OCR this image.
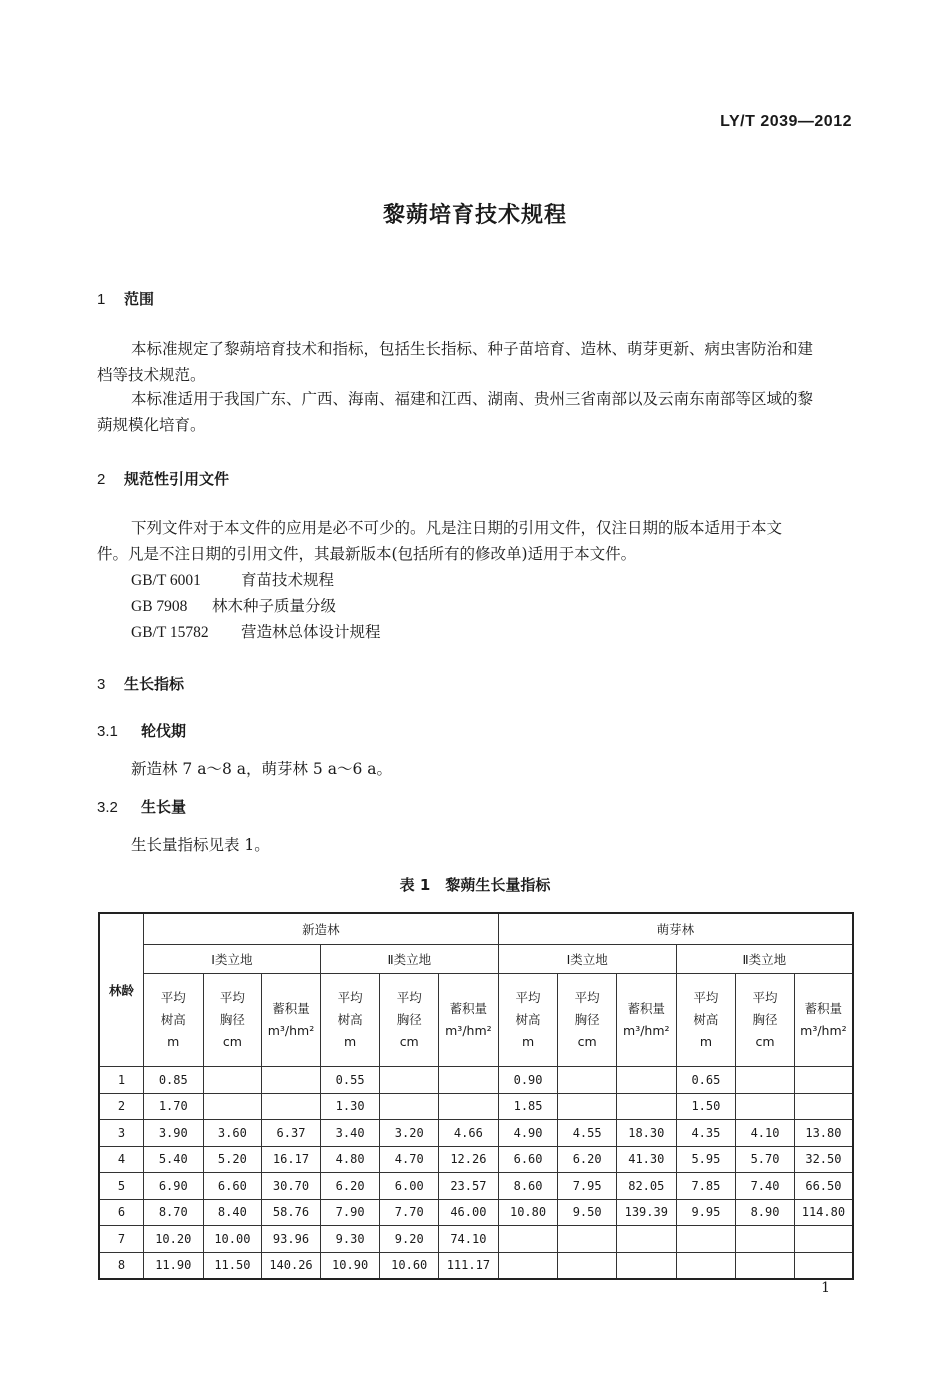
LY/T 2039—2012
黎蒴培育技术规程
1 范围
本标准规定了黎蒴培育技术和指标，包括生长指标、种子苗培育、造林、萌芽更新、病虫害防治和建
档等技术规范。
本标准适用于我国广东、广西、海南、福建和江西、湖南、贵州三省南部以及云南东南部等区域的黎
蒴规模化培育。
2 规范性引用文件
下列文件对于本文件的应用是必不可少的。凡是注日期的引用文件，仅注日期的版本适用于本文
件。凡是不注日期的引用文件，其最新版本(包括所有的修改单)适用于本文件。
GB/T 6001	育苗技术规程
GB 7908 林木种子质量分级
GB/T 15782 营造林总体设计规程
3 生长指标
3.1 轮伐期
新造林 7 a～8 a，萌芽林 5 a～6 a。
3.2 生长量
生长量指标见表 1。
表 1　黎蒴生长量指标
林龄	新造林						萌芽林					
	Ⅰ类立地			Ⅱ类立地			Ⅰ类立地			Ⅱ类立地		

	平均
树高
m	平均
胸径
cm	蓄积量
m³/hm²	平均
树高
m	平均
胸径
cm	蓄积量
m³/hm²	平均
树高
m	平均
胸径
cm	蓄积量
m³/hm²	平均
树高
m	平均
胸径
cm	蓄积量
m³/hm²

1	0.85			0.55			0.90			0.65		
2	1.70			1.30			1.85			1.50		
3	3.90	3.60	6.37	3.40	3.20	4.66	4.90	4.55	18.30	4.35	4.10	13.80
4	5.40	5.20	16.17	4.80	4.70	12.26	6.60	6.20	41.30	5.95	5.70	32.50
5	6.90	6.60	30.70	6.20	6.00	23.57	8.60	7.95	82.05	7.85	7.40	66.50
6	8.70	8.40	58.76	7.90	7.70	46.00	10.80	9.50	139.39	9.95	8.90	114.80
7	10.20	10.00	93.96	9.30	9.20	74.10						
8	11.90	11.50	140.26	10.90	10.60	111.17						
1
